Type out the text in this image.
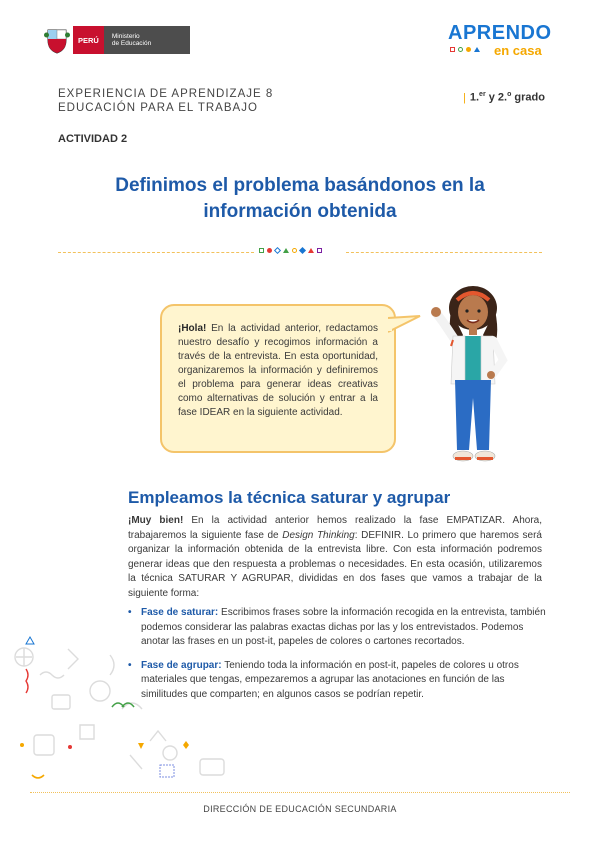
PERÚ	Ministerio
de Educación	APRENDO
en casa
EXPERIENCIA DE APRENDIZAJE 8
EDUCACIÓN PARA EL TRABAJO
| 1.$^{er}$ y 2.$^o$ grado
ACTIVIDAD 2
Definimos el problema basándonos en la información obtenida
¡Hola! En la actividad anterior, redactamos nuestro desafío y recogimos información a través de la entrevista. En esta oportunidad, organizaremos la información y definiremos el problema para generar ideas creativas como alternativas de solución y entrar a la fase IDEAR en la siguiente actividad.
Empleamos la técnica saturar y agrupar
¡Muy bien! En la actividad anterior hemos realizado la fase EMPATIZAR. Ahora, trabajaremos la siguiente fase de Design Thinking: DEFINIR. Lo primero que haremos será organizar la información obtenida de la entrevista libre. Con esta información podremos generar ideas que den respuesta a problemas o necesidades. En esta ocasión, utilizaremos la técnica SATURAR Y AGRUPAR, divididas en dos fases que vamos a trabajar de la siguiente forma:
• Fase de saturar: Escribimos frases sobre la información recogida en la entrevista, también podemos considerar las palabras exactas dichas por las y los entrevistados. Podemos anotar las frases en un post-it, papeles de colores o cartones recortados.
• Fase de agrupar: Teniendo toda la información en post-it, papeles de colores u otros materiales que tengas, empezaremos a agrupar las anotaciones en función de las similitudes que comparten; en algunos casos se podrían repetir.
DIRECCIÓN DE EDUCACIÓN SECUNDARIA
